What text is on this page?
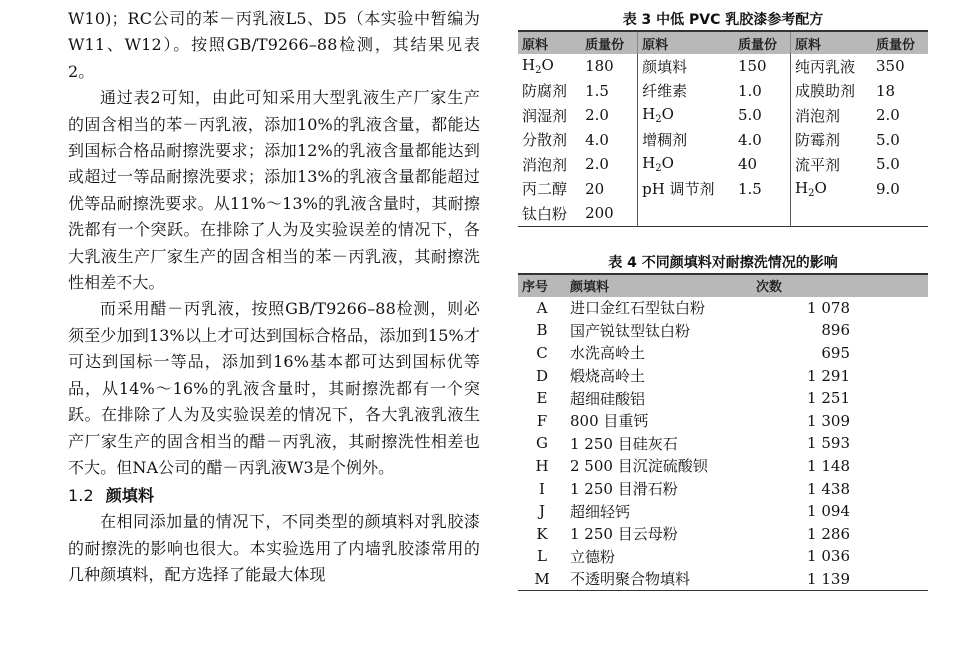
W10)；RC公司的苯－丙乳液L5、D5（本实验中暂编为W11、W12）。按照GB/T9266–88检测，其结果见表2。

通过表2可知，由此可知采用大型乳液生产厂家生产的固含相当的苯－丙乳液，添加10%的乳液含量，都能达到国标合格品耐擦洗要求；添加12%的乳液含量都能达到或超过一等品耐擦洗要求；添加13%的乳液含量都能超过优等品耐擦洗要求。从11%～13%的乳液含量时，其耐擦洗都有一个突跃。在排除了人为及实验误差的情况下，各大乳液生产厂家生产的固含相当的苯－丙乳液，其耐擦洗性相差不大。

而采用醋－丙乳液，按照GB/T9266–88检测，则必须至少加到13%以上才可达到国标合格品，添加到15%才可达到国标一等品，添加到16%基本都可达到国标优等品，从14%～16%的乳液含量时，其耐擦洗都有一个突跃。在排除了人为及实验误差的情况下，各大乳液乳液生产厂家生产的固含相当的醋－丙乳液，其耐擦洗性相差也不大。但NA公司的醋－丙乳液W3是个例外。

1.2 颜填料

在相同添加量的情况下，不同类型的颜填料对乳胶漆的耐擦洗的影响也很大。本实验选用了内墙乳胶漆常用的几种颜填料，配方选择了能最大体现

表 3 中低 PVC 乳胶漆参考配方
原料	质量份	原料	质量份	原料	质量份
$H_2O$	180	颜填料	150	纯丙乳液	350
防腐剂	1.5	纤维素	1.0	成膜助剂	18
润湿剂	2.0	$H_2O$	5.0	消泡剂	2.0
分散剂	4.0	增稠剂	4.0	防霉剂	5.0
消泡剂	2.0	$H_2O$	40	流平剂	5.0
丙二醇	20	pH 调节剂	1.5	$H_2O$	9.0
钛白粉	200				
表 4 不同颜填料对耐擦洗情况的影响
序号	颜填料	次数
A	进口金红石型钛白粉	1 078
B	国产锐钛型钛白粉	896
C	水洗高岭土	695
D	煅烧高岭土	1 291
E	超细硅酸铝	1 251
F	800 目重钙	1 309
G	1 250 目硅灰石	1 593
H	2 500 目沉淀硫酸钡	1 148
I	1 250 目滑石粉	1 438
J	超细轻钙	1 094
K	1 250 目云母粉	1 286
L	立德粉	1 036
M	不透明聚合物填料	1 139
